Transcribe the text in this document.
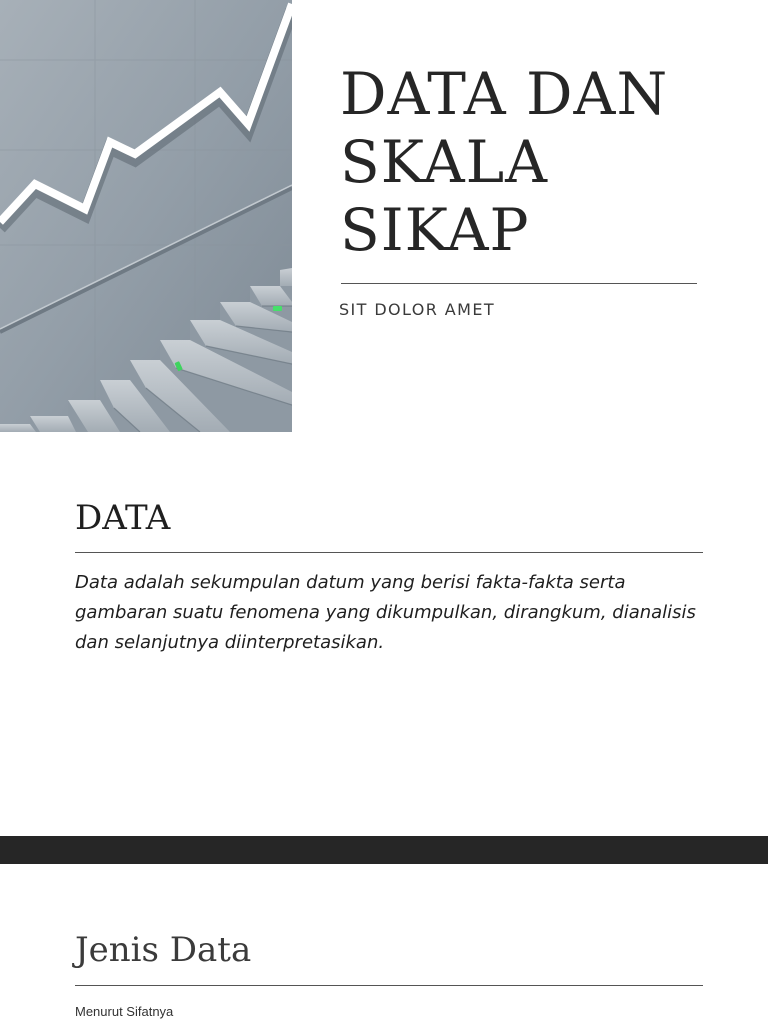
DATA DAN
SKALA
SIKAP

SIT DOLOR AMET

DATA

Data adalah sekumpulan datum yang berisi fakta-fakta serta gambaran suatu fenomena yang dikumpulkan, dirangkum, dianalisis dan selanjutnya diinterpretasikan.

Jenis Data

Menurut Sifatnya
